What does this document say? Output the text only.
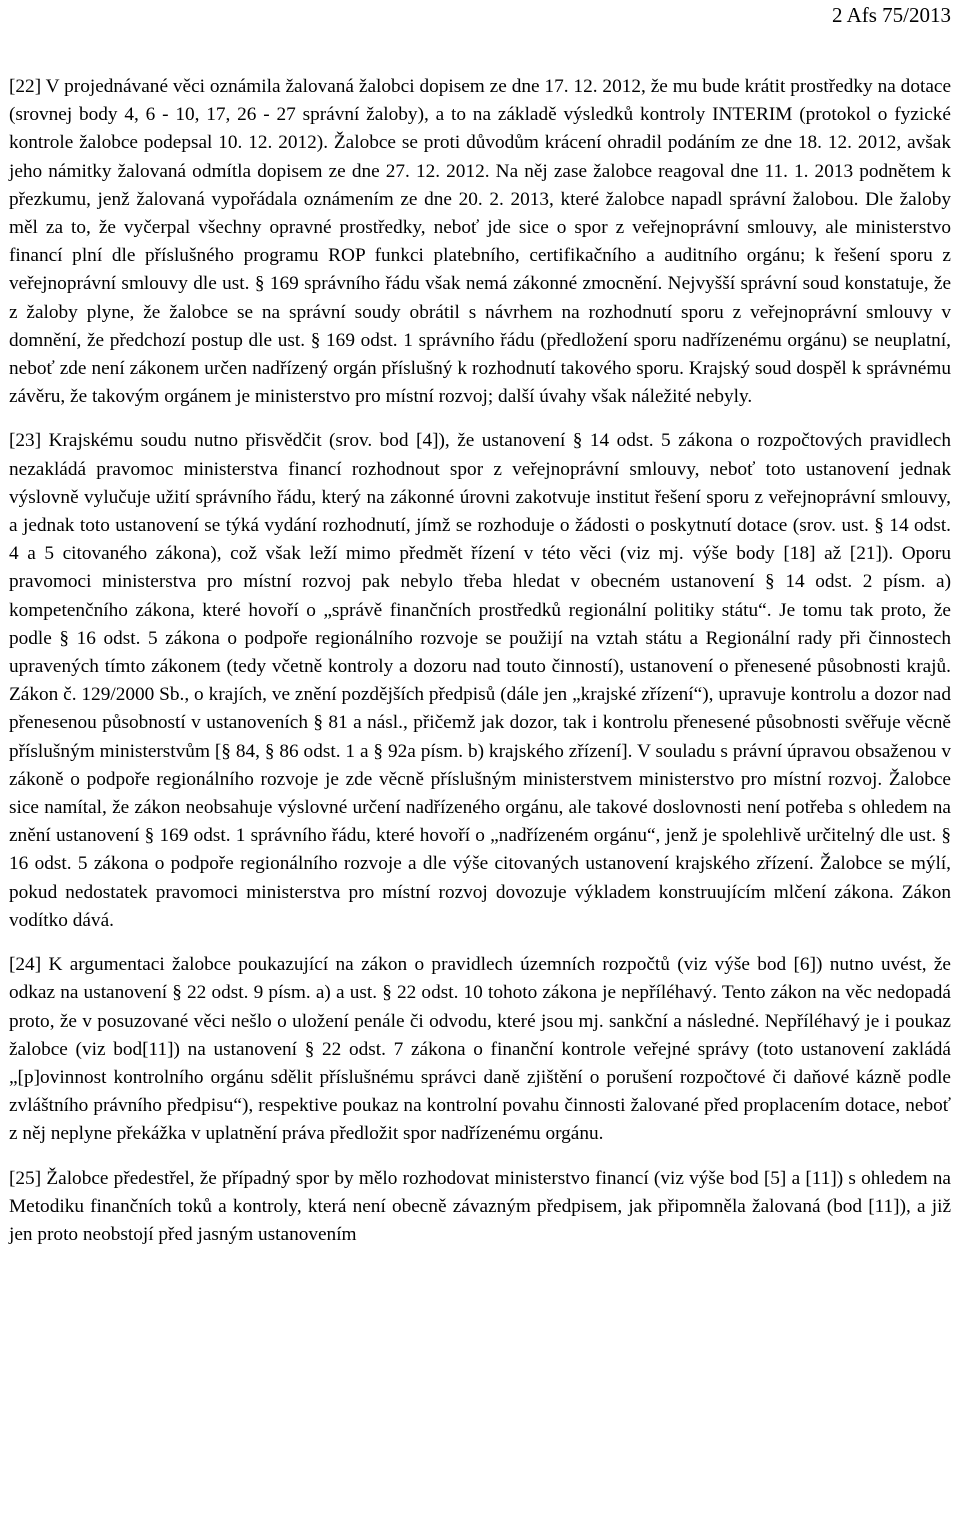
2 Afs 75/2013

[22] V projednávané věci oznámila žalovaná žalobci dopisem ze dne 17. 12. 2012, že mu bude krátit prostředky na dotace (srovnej body 4, 6 - 10, 17, 26 - 27 správní žaloby), a to na základě výsledků kontroly INTERIM (protokol o fyzické kontrole žalobce podepsal 10. 12. 2012). Žalobce se proti důvodům krácení ohradil podáním ze dne 18. 12. 2012, avšak jeho námitky žalovaná odmítla dopisem ze dne 27. 12. 2012. Na něj zase žalobce reagoval dne 11. 1. 2013 podnětem k přezkumu, jenž žalovaná vypořádala oznámením ze dne 20. 2. 2013, které žalobce napadl správní žalobou. Dle žaloby měl za to, že vyčerpal všechny opravné prostředky, neboť jde sice o spor z veřejnoprávní smlouvy, ale ministerstvo financí plní dle příslušného programu ROP funkci platebního, certifikačního a auditního orgánu; k řešení sporu z veřejnoprávní smlouvy dle ust. § 169 správního řádu však nemá zákonné zmocnění. Nejvyšší správní soud konstatuje, že z žaloby plyne, že žalobce se na správní soudy obrátil s návrhem na rozhodnutí sporu z veřejnoprávní smlouvy v domnění, že předchozí postup dle ust. § 169 odst. 1 správního řádu (předložení sporu nadřízenému orgánu) se neuplatní, neboť zde není zákonem určen nadřízený orgán příslušný k rozhodnutí takového sporu. Krajský soud dospěl k správnému závěru, že takovým orgánem je ministerstvo pro místní rozvoj; další úvahy však náležité nebyly.

[23] Krajskému soudu nutno přisvědčit (srov. bod [4]), že ustanovení § 14 odst. 5 zákona o rozpočtových pravidlech nezakládá pravomoc ministerstva financí rozhodnout spor z veřejnoprávní smlouvy, neboť toto ustanovení jednak výslovně vylučuje užití správního řádu, který na zákonné úrovni zakotvuje institut řešení sporu z veřejnoprávní smlouvy, a jednak toto ustanovení se týká vydání rozhodnutí, jímž se rozhoduje o žádosti o poskytnutí dotace (srov. ust. § 14 odst. 4 a 5 citovaného zákona), což však leží mimo předmět řízení v této věci (viz mj. výše body [18] až [21]). Oporu pravomoci ministerstva pro místní rozvoj pak nebylo třeba hledat v obecném ustanovení § 14 odst. 2 písm. a) kompetenčního zákona, které hovoří o „správě finančních prostředků regionální politiky státu“. Je tomu tak proto, že podle § 16 odst. 5 zákona o podpoře regionálního rozvoje se použijí na vztah státu a Regionální rady při činnostech upravených tímto zákonem (tedy včetně kontroly a dozoru nad touto činností), ustanovení o přenesené působnosti krajů. Zákon č. 129/2000 Sb., o krajích, ve znění pozdějších předpisů (dále jen „krajské zřízení“), upravuje kontrolu a dozor nad přenesenou působností v ustanoveních § 81 a násl., přičemž jak dozor, tak i kontrolu přenesené působnosti svěřuje věcně příslušným ministerstvům [§ 84, § 86 odst. 1 a § 92a písm. b) krajského zřízení]. V souladu s právní úpravou obsaženou v zákoně o podpoře regionálního rozvoje je zde věcně příslušným ministerstvem ministerstvo pro místní rozvoj. Žalobce sice namítal, že zákon neobsahuje výslovné určení nadřízeného orgánu, ale takové doslovnosti není potřeba s ohledem na znění ustanovení § 169 odst. 1 správního řádu, které hovoří o „nadřízeném orgánu“, jenž je spolehlivě určitelný dle ust. § 16 odst. 5 zákona o podpoře regionálního rozvoje a dle výše citovaných ustanovení krajského zřízení. Žalobce se mýlí, pokud nedostatek pravomoci ministerstva pro místní rozvoj dovozuje výkladem konstruujícím mlčení zákona. Zákon vodítko dává.

[24] K argumentaci žalobce poukazující na zákon o pravidlech územních rozpočtů (viz výše bod [6]) nutno uvést, že odkaz na ustanovení § 22 odst. 9 písm. a) a ust. § 22 odst. 10 tohoto zákona je nepříléhavý. Tento zákon na věc nedopadá proto, že v posuzované věci nešlo o uložení penále či odvodu, které jsou mj. sankční a následné. Nepříléhavý je i poukaz žalobce (viz bod[11]) na ustanovení § 22 odst. 7 zákona o finanční kontrole veřejné správy (toto ustanovení zakládá „[p]ovinnost kontrolního orgánu sdělit příslušnému správci daně zjištění o porušení rozpočtové či daňové kázně podle zvláštního právního předpisu“), respektive poukaz na kontrolní povahu činnosti žalované před proplacením dotace, neboť z něj neplyne překážka v uplatnění práva předložit spor nadřízenému orgánu.

[25] Žalobce předestřel, že případný spor by mělo rozhodovat ministerstvo financí (viz výše bod [5] a [11]) s ohledem na Metodiku finančních toků a kontroly, která není obecně závazným předpisem, jak připomněla žalovaná (bod [11]), a již jen proto neobstojí před jasným ustanovením
